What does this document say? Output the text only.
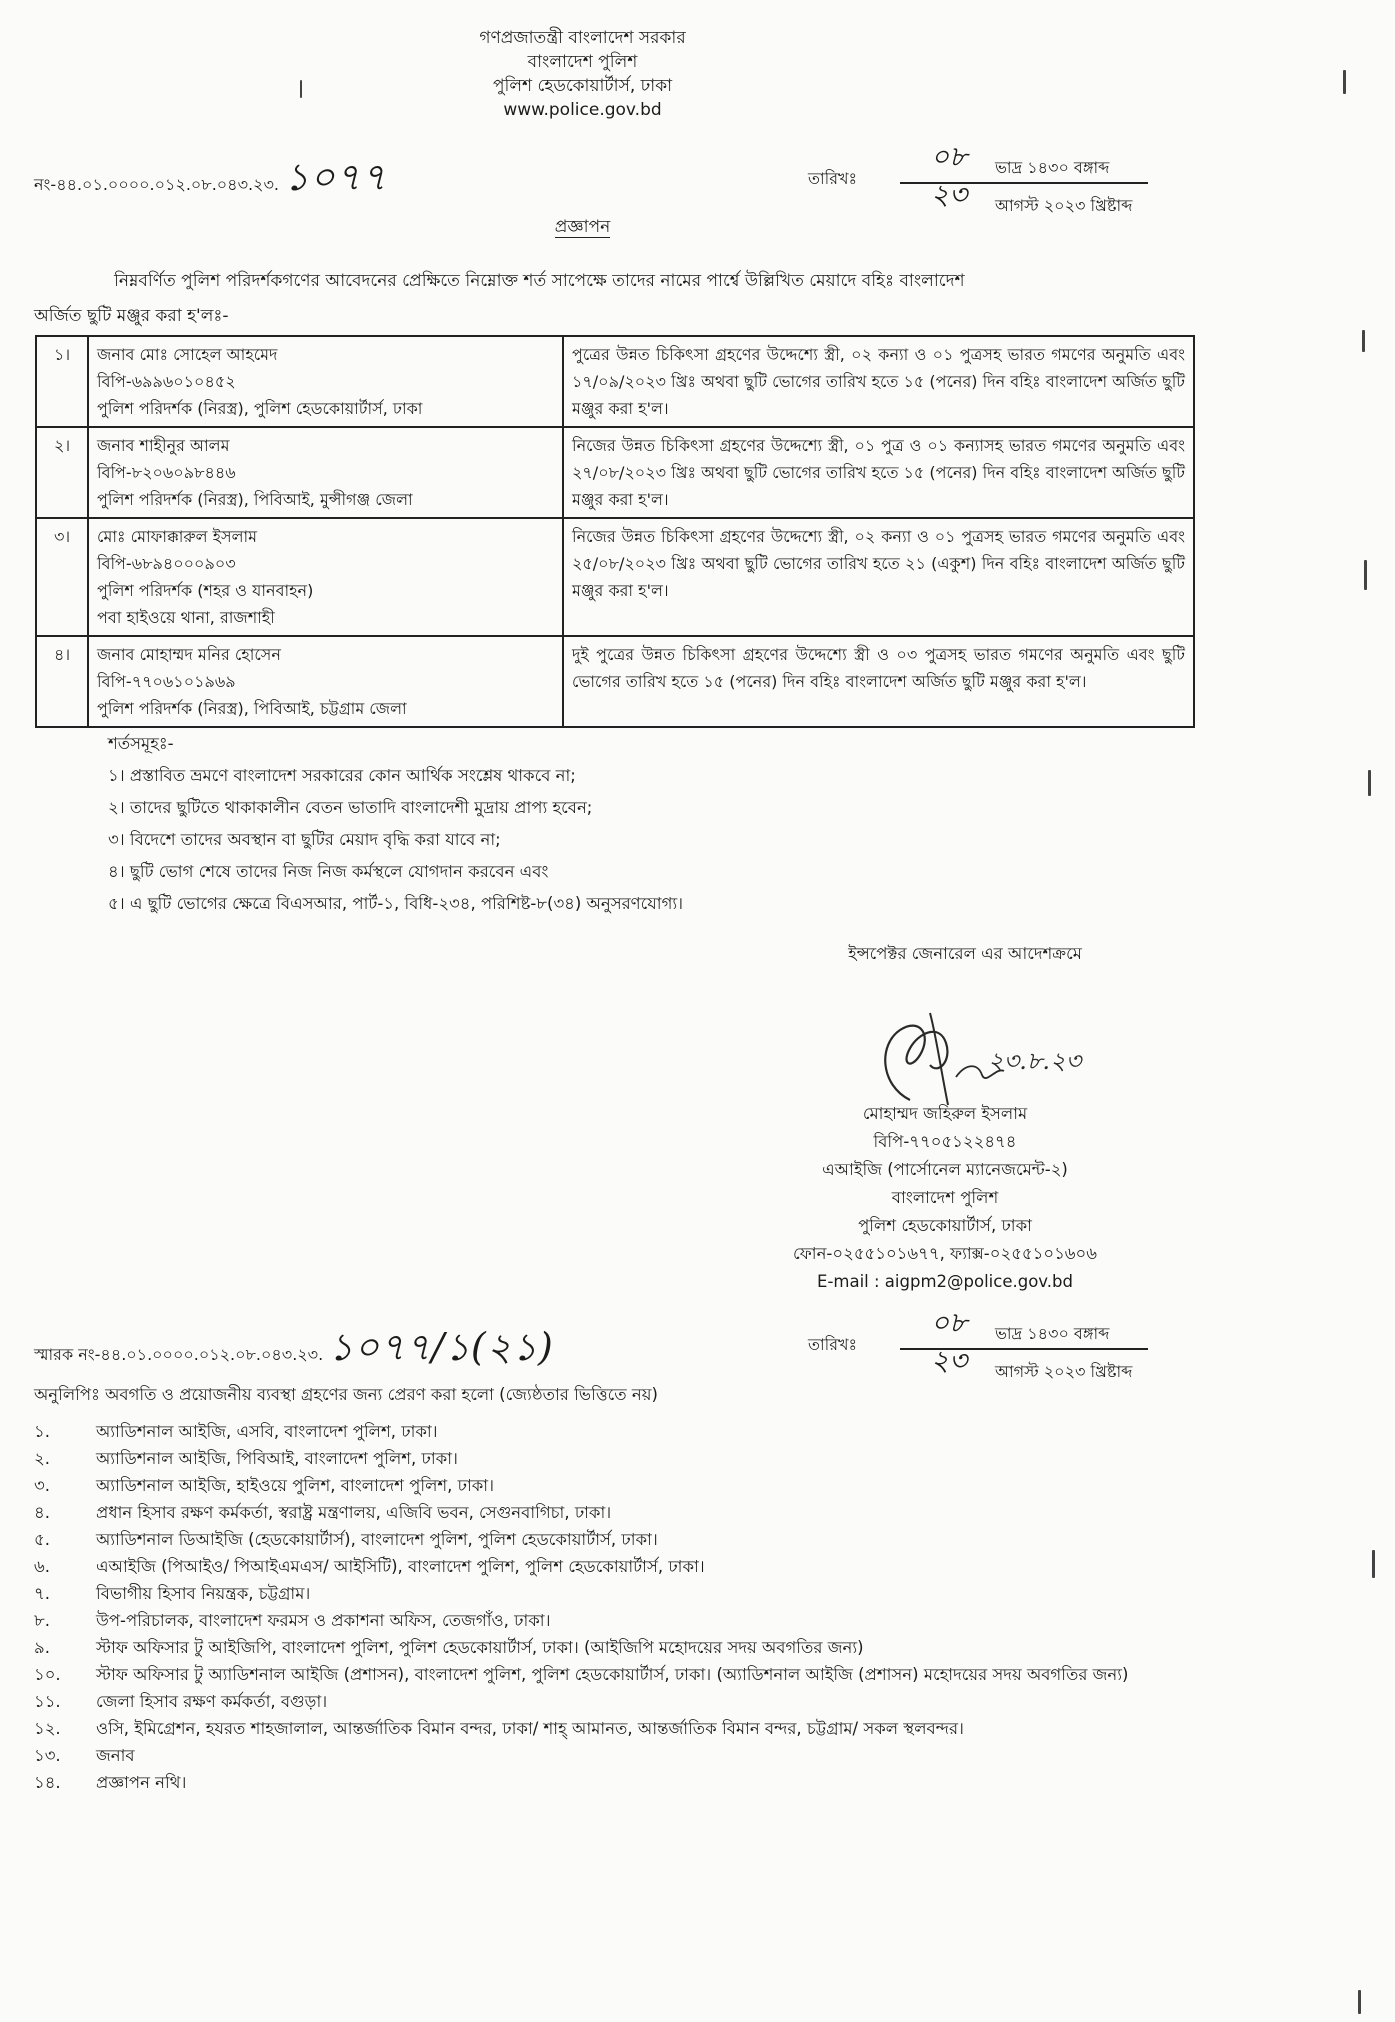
গণপ্রজাতন্ত্রী বাংলাদেশ সরকার
বাংলাদেশ পুলিশ
পুলিশ হেডকোয়ার্টার্স, ঢাকা
www.police.gov.bd
নং-৪৪.০১.০০০০.০১২.০৮.০৪৩.২৩. ১০৭৭	০৮	ভাদ্র ১৪৩০ বঙ্গাব্দ
তারিখঃ	২৩	আগস্ট ২০২৩ খ্রিষ্টাব্দ
প্রজ্ঞাপন
নিম্নবর্ণিত পুলিশ পরিদর্শকগণের আবেদনের প্রেক্ষিতে নিম্নোক্ত শর্ত সাপেক্ষে তাদের নামের পার্শ্বে উল্লিখিত মেয়াদে বহিঃ বাংলাদেশ
অর্জিত ছুটি মঞ্জুর করা হ'লঃ-
১।	জনাব মোঃ সোহেল আহমেদ
বিপি-৬৯৯৬০১০৪৫২
পুলিশ পরিদর্শক (নিরস্ত্র), পুলিশ হেডকোয়ার্টার্স, ঢাকা	পুত্রের উন্নত চিকিৎসা গ্রহণের উদ্দেশ্যে স্ত্রী, ০২ কন্যা ও ০১ পুত্রসহ ভারত গমণের অনুমতি এবং ১৭/০৯/২০২৩ খ্রিঃ অথবা ছুটি ভোগের তারিখ হতে ১৫ (পনের) দিন বহিঃ বাংলাদেশ অর্জিত ছুটি মঞ্জুর করা হ'ল।
২।	জনাব শাহীনুর আলম
বিপি-৮২০৬০৯৮৪৪৬
পুলিশ পরিদর্শক (নিরস্ত্র), পিবিআই, মুন্সীগঞ্জ জেলা	নিজের উন্নত চিকিৎসা গ্রহণের উদ্দেশ্যে স্ত্রী, ০১ পুত্র ও ০১ কন্যাসহ ভারত গমণের অনুমতি এবং ২৭/০৮/২০২৩ খ্রিঃ অথবা ছুটি ভোগের তারিখ হতে ১৫ (পনের) দিন বহিঃ বাংলাদেশ অর্জিত ছুটি মঞ্জুর করা হ'ল।
৩।	মোঃ মোফাক্কারুল ইসলাম
বিপি-৬৮৯৪০০০৯০৩
পুলিশ পরিদর্শক (শহর ও যানবাহন)
পবা হাইওয়ে থানা, রাজশাহী	নিজের উন্নত চিকিৎসা গ্রহণের উদ্দেশ্যে স্ত্রী, ০২ কন্যা ও ০১ পুত্রসহ ভারত গমণের অনুমতি এবং ২৫/০৮/২০২৩ খ্রিঃ অথবা ছুটি ভোগের তারিখ হতে ২১ (একুশ) দিন বহিঃ বাংলাদেশ অর্জিত ছুটি মঞ্জুর করা হ'ল।
৪।	জনাব মোহাম্মদ মনির হোসেন
বিপি-৭৭০৬১০১৯৬৯
পুলিশ পরিদর্শক (নিরস্ত্র), পিবিআই, চট্টগ্রাম জেলা	দুই পুত্রের উন্নত চিকিৎসা গ্রহণের উদ্দেশ্যে স্ত্রী ও ০৩ পুত্রসহ ভারত গমণের অনুমতি এবং ছুটি ভোগের তারিখ হতে ১৫ (পনের) দিন বহিঃ বাংলাদেশ অর্জিত ছুটি মঞ্জুর করা হ'ল।
শর্তসমূহঃ-
১। প্রস্তাবিত ভ্রমণে বাংলাদেশ সরকারের কোন আর্থিক সংশ্লেষ থাকবে না;
২। তাদের ছুটিতে থাকাকালীন বেতন ভাতাদি বাংলাদেশী মুদ্রায় প্রাপ্য হবেন;
৩। বিদেশে তাদের অবস্থান বা ছুটির মেয়াদ বৃদ্ধি করা যাবে না;
৪। ছুটি ভোগ শেষে তাদের নিজ নিজ কর্মস্থলে যোগদান করবেন এবং
৫। এ ছুটি ভোগের ক্ষেত্রে বিএসআর, পার্ট-১, বিধি-২৩৪, পরিশিষ্ট-৮(৩৪) অনুসরণযোগ্য।
ইন্সপেক্টর জেনারেল এর আদেশক্রমে
২৩.৮.২৩
মোহাম্মদ জহিরুল ইসলাম
বিপি-৭৭০৫১২২৪৭৪
এআইজি (পার্সোনেল ম্যানেজমেন্ট-২)
বাংলাদেশ পুলিশ
পুলিশ হেডকোয়ার্টার্স, ঢাকা
ফোন-০২৫৫১০১৬৭৭, ফ্যাক্স-০২৫৫১০১৬০৬
E-mail : aigpm2@police.gov.bd
স্মারক নং-৪৪.০১.০০০০.০১২.০৮.০৪৩.২৩. ১০৭৭/১(২১)
০৮	ভাদ্র ১৪৩০ বঙ্গাব্দ
তারিখঃ	২৩	আগস্ট ২০২৩ খ্রিষ্টাব্দ
অনুলিপিঃ অবগতি ও প্রয়োজনীয় ব্যবস্থা গ্রহণের জন্য প্রেরণ করা হলো (জ্যেষ্ঠতার ভিত্তিতে নয়)
১.	অ্যাডিশনাল আইজি, এসবি, বাংলাদেশ পুলিশ, ঢাকা।
২.	অ্যাডিশনাল আইজি, পিবিআই, বাংলাদেশ পুলিশ, ঢাকা।
৩.	অ্যাডিশনাল আইজি, হাইওয়ে পুলিশ, বাংলাদেশ পুলিশ, ঢাকা।
৪.	প্রধান হিসাব রক্ষণ কর্মকর্তা, স্বরাষ্ট্র মন্ত্রণালয়, এজিবি ভবন, সেগুনবাগিচা, ঢাকা।
৫.	অ্যাডিশনাল ডিআইজি (হেডকোয়ার্টার্স), বাংলাদেশ পুলিশ, পুলিশ হেডকোয়ার্টার্স, ঢাকা।
৬.	এআইজি (পিআইও/ পিআইএমএস/ আইসিটি), বাংলাদেশ পুলিশ, পুলিশ হেডকোয়ার্টার্স, ঢাকা।
৭.	বিভাগীয় হিসাব নিয়ন্ত্রক, চট্টগ্রাম।
৮.	উপ-পরিচালক, বাংলাদেশ ফরমস ও প্রকাশনা অফিস, তেজগাঁও, ঢাকা।
৯.	স্টাফ অফিসার টু আইজিপি, বাংলাদেশ পুলিশ, পুলিশ হেডকোয়ার্টার্স, ঢাকা। (আইজিপি মহোদয়ের সদয় অবগতির জন্য)
১০.	স্টাফ অফিসার টু অ্যাডিশনাল আইজি (প্রশাসন), বাংলাদেশ পুলিশ, পুলিশ হেডকোয়ার্টার্স, ঢাকা। (অ্যাডিশনাল আইজি (প্রশাসন) মহোদয়ের সদয় অবগতির জন্য)
১১.	জেলা হিসাব রক্ষণ কর্মকর্তা, বগুড়া।
১২.	ওসি, ইমিগ্রেশন, হযরত শাহজালাল, আন্তর্জাতিক বিমান বন্দর, ঢাকা/ শাহ্ আমানত, আন্তর্জাতিক বিমান বন্দর, চট্টগ্রাম/ সকল স্থলবন্দর।
১৩.	জনাব
১৪.	প্রজ্ঞাপন নথি।
